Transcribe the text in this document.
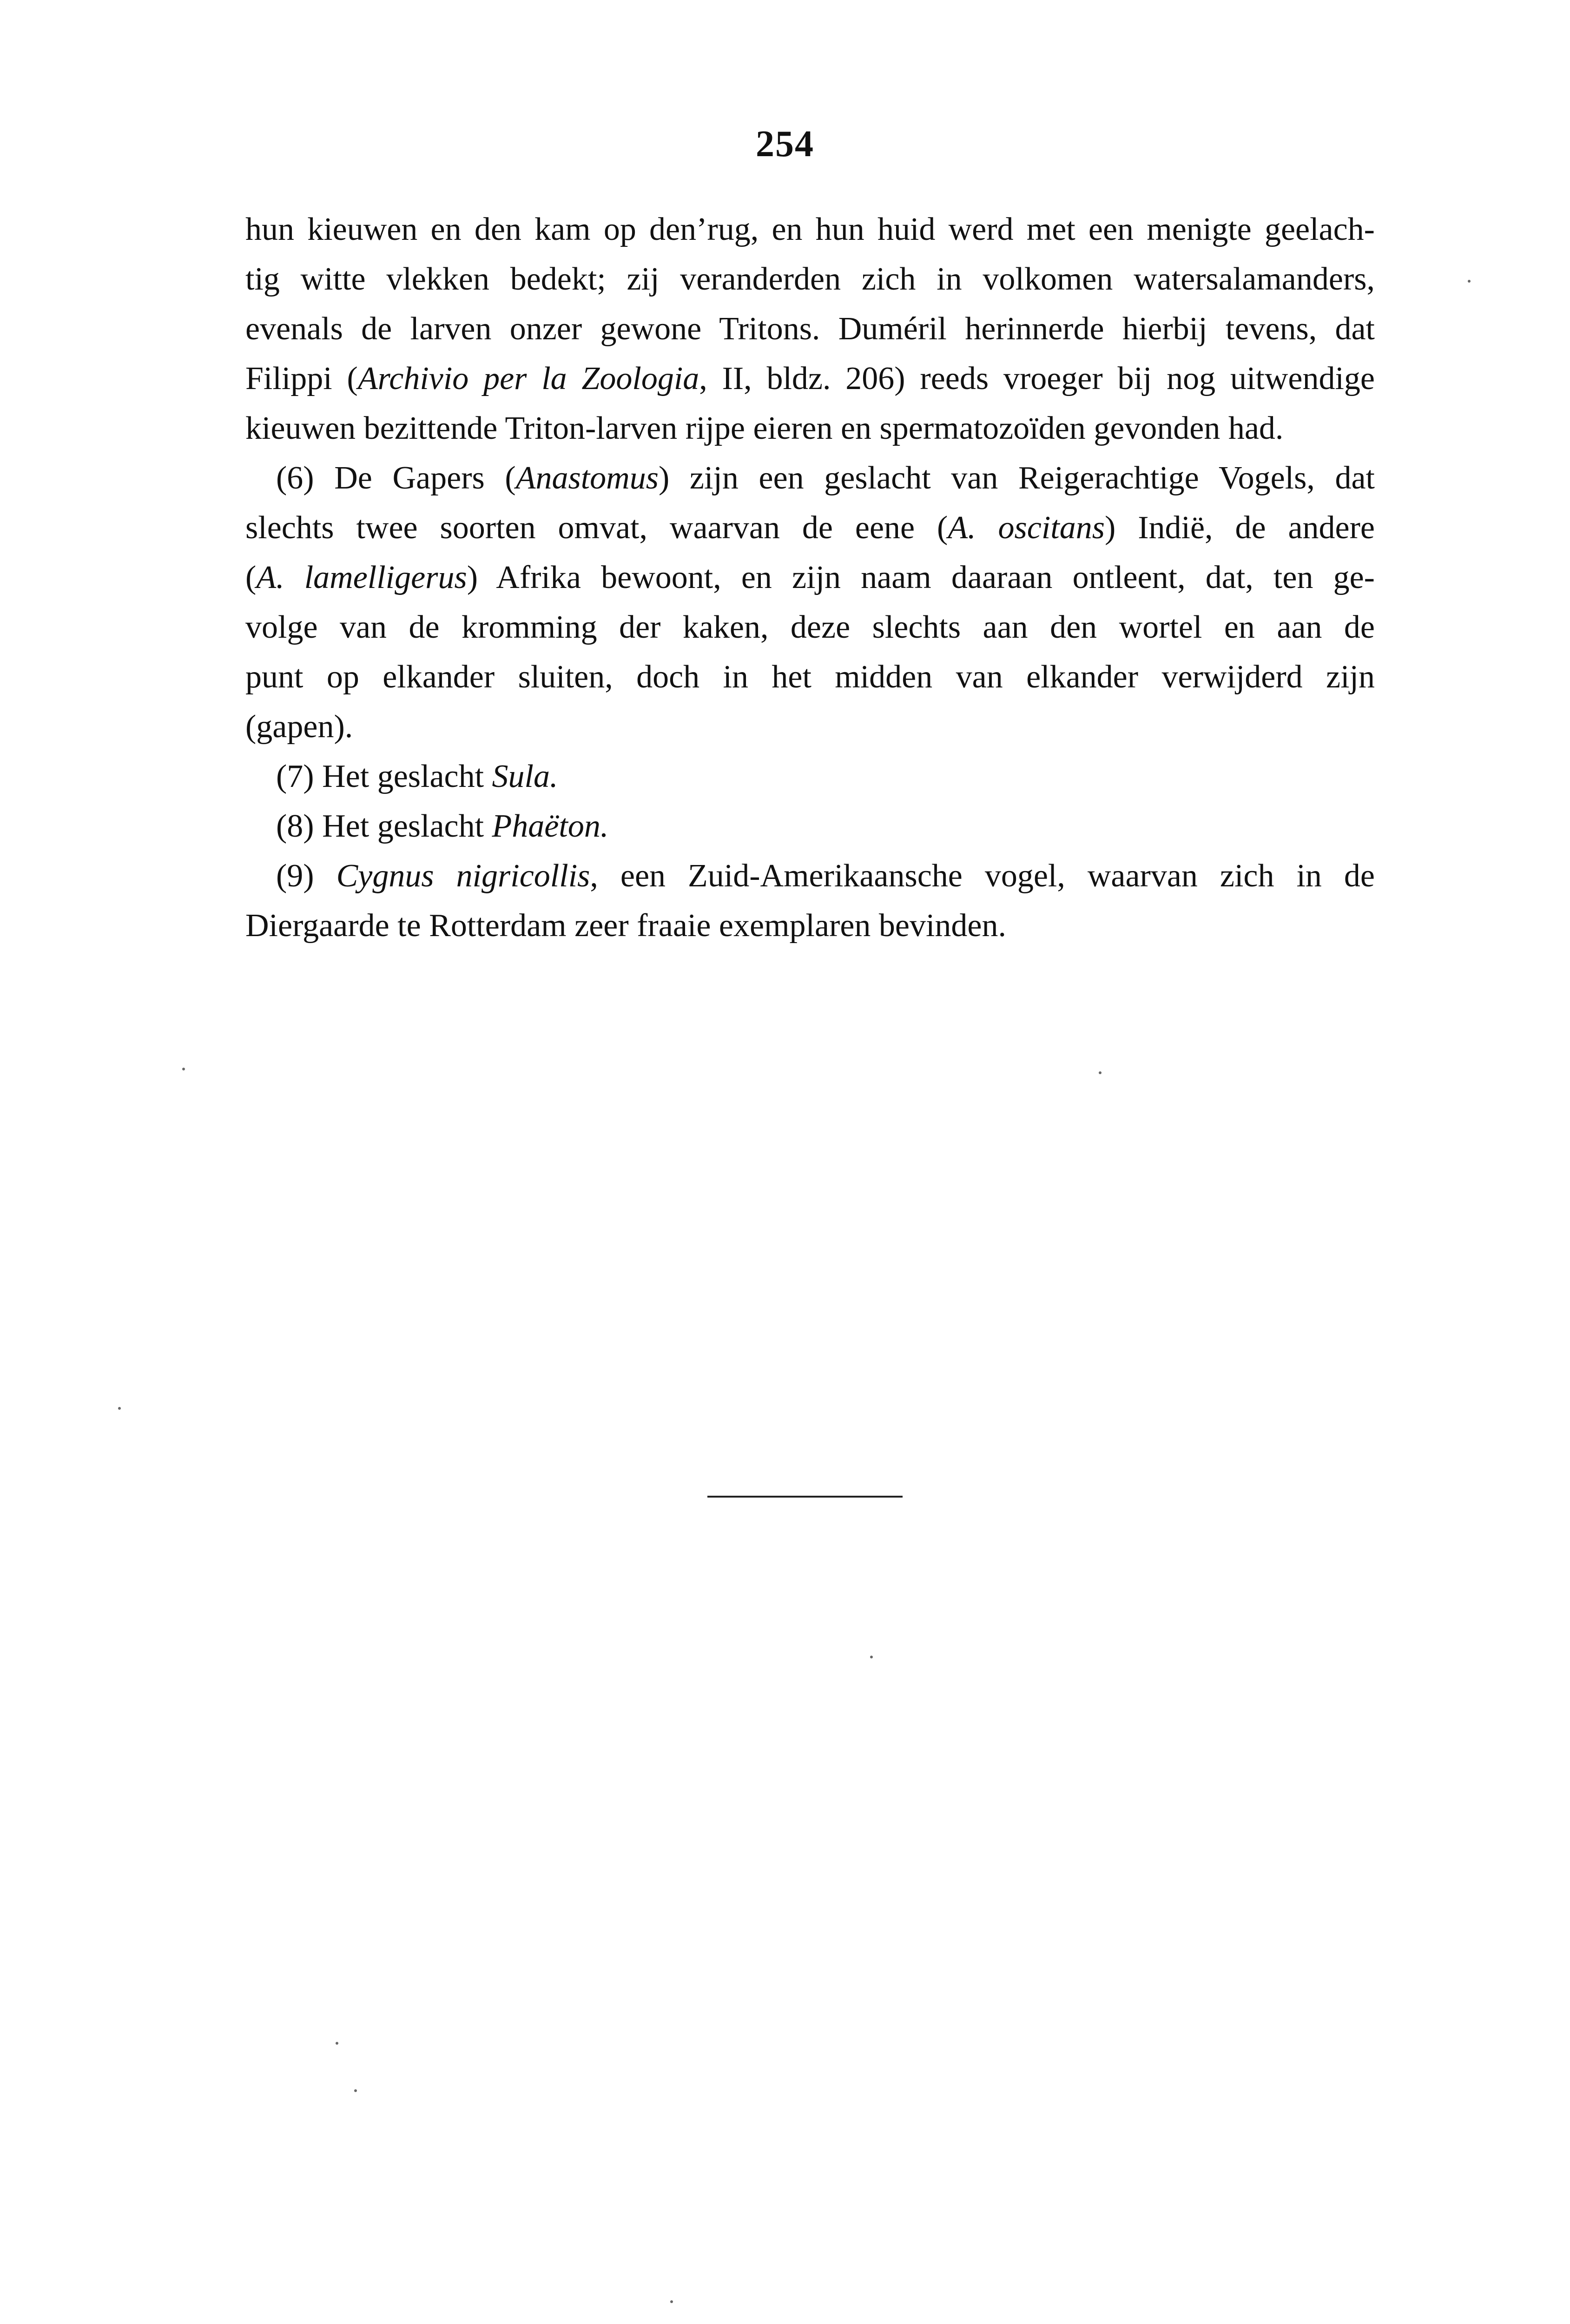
254
hun kieuwen en den kam op den’rug, en hun huid werd met een menigte geelach-
tig witte vlekken bedekt; zij veranderden zich in volkomen watersalamanders,
evenals de larven onzer gewone Tritons. Duméril herinnerde hierbij tevens, dat
Filippi (Archivio per la Zoologia, II, bldz. 206) reeds vroeger bij nog uitwendige
kieuwen bezittende Triton-larven rijpe eieren en spermatozoïden gevonden had.
(6) De Gapers (Anastomus) zijn een geslacht van Reigerachtige Vogels, dat
slechts twee soorten omvat, waarvan de eene (A. oscitans) Indië, de andere
(A. lamelligerus) Afrika bewoont, en zijn naam daaraan ontleent, dat, ten ge-
volge van de kromming der kaken, deze slechts aan den wortel en aan de
punt op elkander sluiten, doch in het midden van elkander verwijderd zijn
(gapen).
(7) Het geslacht Sula.
(8) Het geslacht Phaëton.
(9) Cygnus nigricollis, een Zuid-Amerikaansche vogel, waarvan zich in de
Diergaarde te Rotterdam zeer fraaie exemplaren bevinden.
